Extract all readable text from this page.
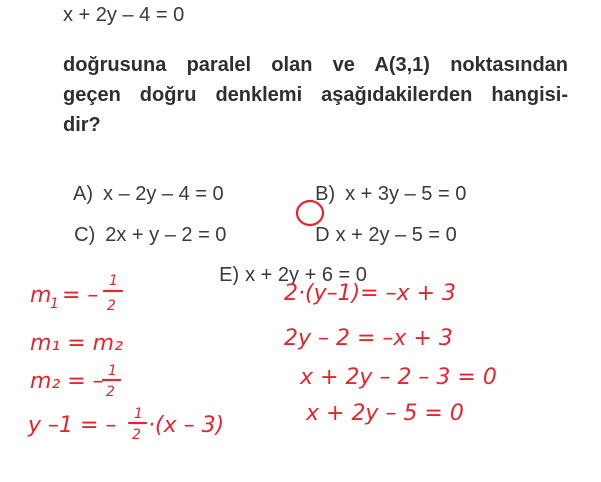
x + 2y – 4 = 0
doğrusuna paralel olan ve A(3,1) noktasından
geçen doğru denklemi aşağıdakilerden hangisi-
dir?

A) x – 2y – 4 = 0	B) x + 3y – 5 = 0

C) 2x + y – 2 = 0	D x + 2y – 5 = 0

E) x + 2y + 6 = 0

m
1 = –
1
2
m₁ = m₂
m₂ = – 1
2
y –1 = – 1
2 ·(x – 3)
2·(y–1)= –x + 3
2y – 2 = –x + 3
x + 2y – 2 – 3 = 0
x + 2y – 5 = 0
